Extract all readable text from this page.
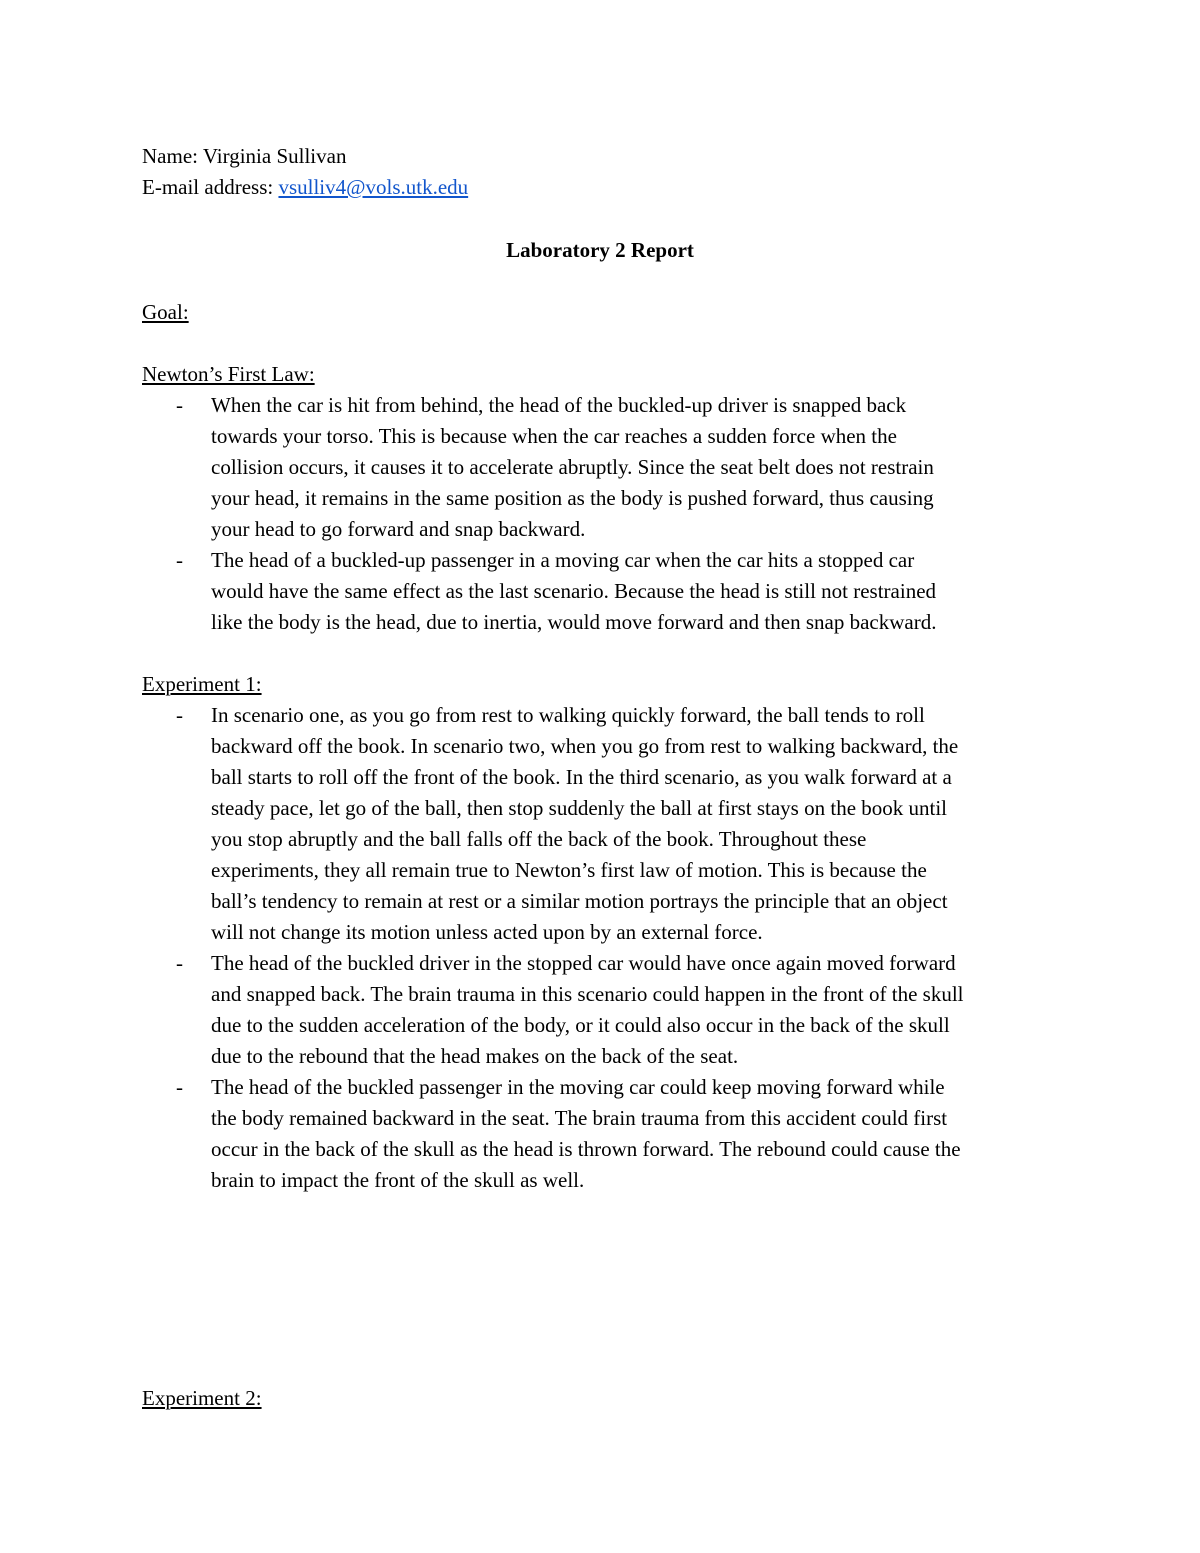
Name: Virginia Sullivan
E-mail address: vsulliv4@vols.utk.edu
Laboratory 2 Report
Goal:
Newton’s First Law:
- When the car is hit from behind, the head of the buckled-up driver is snapped back
towards your torso. This is because when the car reaches a sudden force when the
collision occurs, it causes it to accelerate abruptly. Since the seat belt does not restrain
your head, it remains in the same position as the body is pushed forward, thus causing
your head to go forward and snap backward.
- The head of a buckled-up passenger in a moving car when the car hits a stopped car
would have the same effect as the last scenario. Because the head is still not restrained
like the body is the head, due to inertia, would move forward and then snap backward.
Experiment 1:
- In scenario one, as you go from rest to walking quickly forward, the ball tends to roll
backward off the book. In scenario two, when you go from rest to walking backward, the
ball starts to roll off the front of the book. In the third scenario, as you walk forward at a
steady pace, let go of the ball, then stop suddenly the ball at first stays on the book until
you stop abruptly and the ball falls off the back of the book. Throughout these
experiments, they all remain true to Newton’s first law of motion. This is because the
ball’s tendency to remain at rest or a similar motion portrays the principle that an object
will not change its motion unless acted upon by an external force.
- The head of the buckled driver in the stopped car would have once again moved forward
and snapped back. The brain trauma in this scenario could happen in the front of the skull
due to the sudden acceleration of the body, or it could also occur in the back of the skull
due to the rebound that the head makes on the back of the seat.
- The head of the buckled passenger in the moving car could keep moving forward while
the body remained backward in the seat. The brain trauma from this accident could first
occur in the back of the skull as the head is thrown forward. The rebound could cause the
brain to impact the front of the skull as well.
Experiment 2:
